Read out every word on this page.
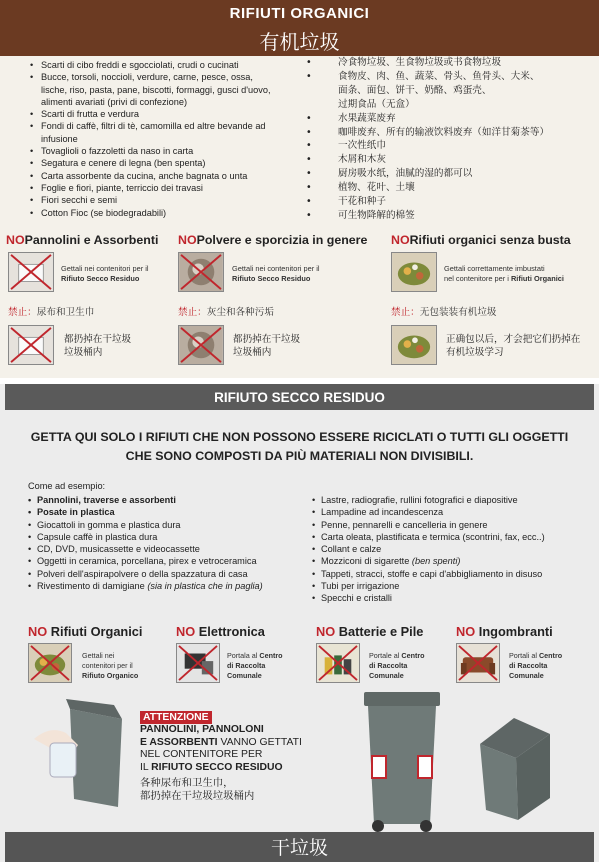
RIFIUTI ORGANICI
有机垃圾
• Scarti di cibo freddi e sgocciolati, crudi o cucinati
• Bucce, torsoli, noccioli, verdure, carne, pesce, ossa, lische, riso, pasta, pane, biscotti, formaggi, gusci d'uovo, alimenti avariati (privi di confezione)
• Scarti di frutta e verdura
• Fondi di caffè, filtri di tè, camomilla ed altre bevande ad infusione
• Tovaglioli o fazzoletti da naso in carta
• Segatura e cenere di legna (ben spenta)
• Carta assorbente da cucina, anche bagnata o unta
• Foglie e fiori, piante, terriccio dei travasi
• Fiori secchi e semi
• Cotton Fioc (se biodegradabili)
• 冷食物垃圾、生食物垃圾或书食物垃圾
• 食物皮、肉、鱼、蔬菜、骨头、鱼骨头、大米、
面条、面包、饼干、奶酪、鸡蛋壳、
过期食品（无盒）
• 水果蔬菜废弃
• 咖啡废弃、所有的输液饮料废弃（如洋甘菊茶等）
• 一次性纸巾
• 木屑和木灰
• 厨房吸水纸，油腻的湿的都可以
• 植物、花叶、土壤
• 干花和种子
• 可生物降解的棉签
NOPannolini e Assorbenti NOPolvere e sporcizia in genere NORifiuti organici senza busta
Gettali nei contenitori per il
Rifiuto Secco Residuo
Gettali nei contenitori per il
Rifiuto Secco Residuo
Gettali correttamente imbustati
nel contenitore per i Rifiuti Organici
禁止：尿布和卫生巾	禁止：灰尘和各种污垢	禁止：无包装装有机垃圾
都扔掉在干垃圾垃圾桶内
都扔掉在干垃圾垃圾桶内
正确包以后，才会把它们扔掉在有机垃圾学习
RIFIUTO SECCO RESIDUO
GETTA QUI SOLO I RIFIUTI CHE NON POSSONO ESSERE RICICLATI O TUTTI GLI OGGETTI
CHE SONO COMPOSTI DA PIÙ MATERIALI NON DIVISIBILI.
Come ad esempio:
• Pannolini, traverse e assorbenti
• Posate in plastica
• Giocattoli in gomma e plastica dura
• Capsule caffè in plastica dura
• CD, DVD, musicassette e videocassette
• Oggetti in ceramica, porcellana, pirex e vetroceramica
• Polveri dell'aspirapolvere o della spazzatura di casa
• Rivestimento di damigiane (sia in plastica che in paglia)
• Lastre, radiografie, rullini fotografici e diapositive
• Lampadine ad incandescenza
• Penne, pennarelli e cancelleria in genere
• Carta oleata, plastificata e termica (scontrini, fax, ecc..)
• Collant e calze
• Mozziconi di sigarette (ben spenti)
• Tappeti, stracci, stoffe e capi d'abbigliamento in disuso
• Tubi per irrigazione
• Specchi e cristalli
ATTENZIONE
PANNOLINI, PANNOLONI
E ASSORBENTI VANNO GETTATI
NEL CONTENITORE PER
IL RIFIUTO SECCO RESIDUO
各种尿布和卫生巾，
都扔掉在干垃圾垃圾桶内
NO Rifiuti Organici	NO Elettronica	NO Batterie e Pile	NO Ingombranti
Gettali nei
contenitori per il
Rifiuto Organico
Portala al Centro
di Raccolta
Comunale
Portale al Centro
di Raccolta
Comunale
Portali al Centro
di Raccolta
Comunale
干垃圾
